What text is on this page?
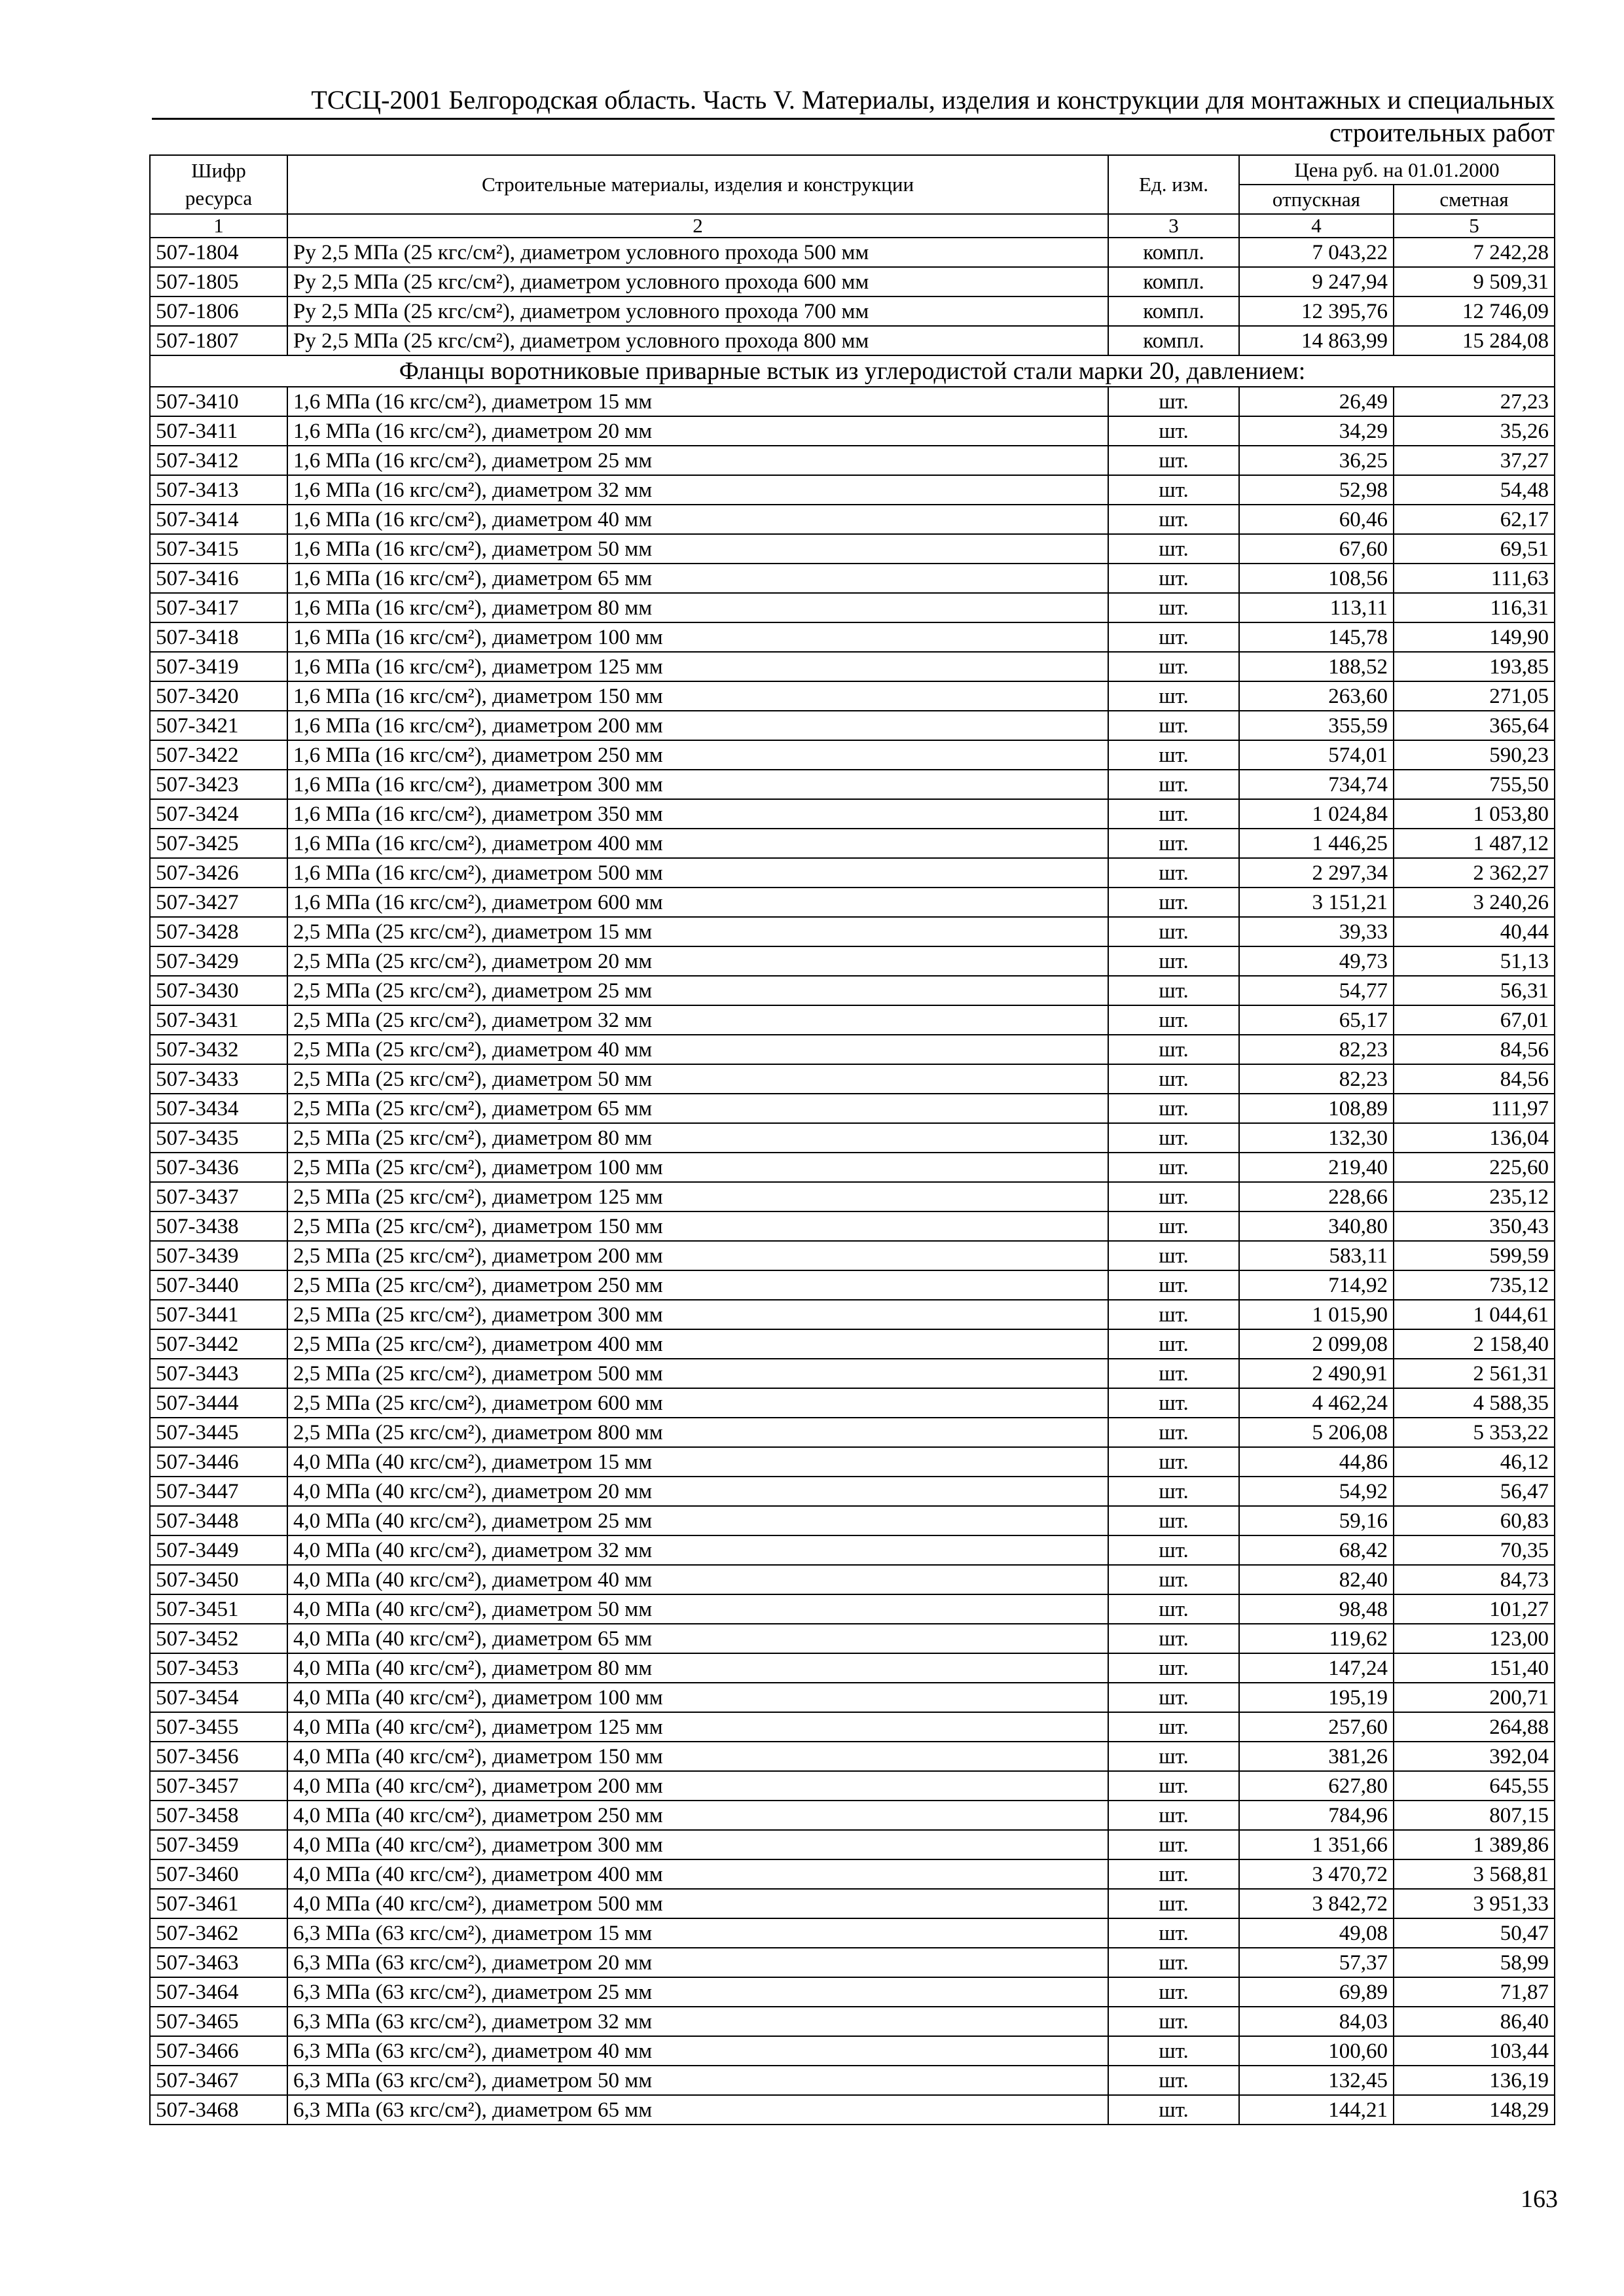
ТССЦ-2001 Белгородская область. Часть V. Материалы, изделия и конструкции для монтажных и специальных
строительных работ
Шифр ресурса	Строительные материалы, изделия и конструкции	Ед. изм.	Цена руб. на 01.01.2000	
			отпускная	сметная
1	2	3	4	5
507-1804	Ру 2,5 МПа (25 кгс/см²), диаметром условного прохода 500 мм	компл.	7 043,22	7 242,28
507-1805	Ру 2,5 МПа (25 кгс/см²), диаметром условного прохода 600 мм	компл.	9 247,94	9 509,31
507-1806	Ру 2,5 МПа (25 кгс/см²), диаметром условного прохода 700 мм	компл.	12 395,76	12 746,09
507-1807	Ру 2,5 МПа (25 кгс/см²), диаметром условного прохода 800 мм	компл.	14 863,99	15 284,08
Фланцы воротниковые приварные встык из углеродистой стали марки 20, давлением:				
507-3410	1,6 МПа (16 кгс/см²), диаметром 15 мм	шт.	26,49	27,23
507-3411	1,6 МПа (16 кгс/см²), диаметром 20 мм	шт.	34,29	35,26
507-3412	1,6 МПа (16 кгс/см²), диаметром 25 мм	шт.	36,25	37,27
507-3413	1,6 МПа (16 кгс/см²), диаметром 32 мм	шт.	52,98	54,48
507-3414	1,6 МПа (16 кгс/см²), диаметром 40 мм	шт.	60,46	62,17
507-3415	1,6 МПа (16 кгс/см²), диаметром 50 мм	шт.	67,60	69,51
507-3416	1,6 МПа (16 кгс/см²), диаметром 65 мм	шт.	108,56	111,63
507-3417	1,6 МПа (16 кгс/см²), диаметром 80 мм	шт.	113,11	116,31
507-3418	1,6 МПа (16 кгс/см²), диаметром 100 мм	шт.	145,78	149,90
507-3419	1,6 МПа (16 кгс/см²), диаметром 125 мм	шт.	188,52	193,85
507-3420	1,6 МПа (16 кгс/см²), диаметром 150 мм	шт.	263,60	271,05
507-3421	1,6 МПа (16 кгс/см²), диаметром 200 мм	шт.	355,59	365,64
507-3422	1,6 МПа (16 кгс/см²), диаметром 250 мм	шт.	574,01	590,23
507-3423	1,6 МПа (16 кгс/см²), диаметром 300 мм	шт.	734,74	755,50
507-3424	1,6 МПа (16 кгс/см²), диаметром 350 мм	шт.	1 024,84	1 053,80
507-3425	1,6 МПа (16 кгс/см²), диаметром 400 мм	шт.	1 446,25	1 487,12
507-3426	1,6 МПа (16 кгс/см²), диаметром 500 мм	шт.	2 297,34	2 362,27
507-3427	1,6 МПа (16 кгс/см²), диаметром 600 мм	шт.	3 151,21	3 240,26
507-3428	2,5 МПа (25 кгс/см²), диаметром 15 мм	шт.	39,33	40,44
507-3429	2,5 МПа (25 кгс/см²), диаметром 20 мм	шт.	49,73	51,13
507-3430	2,5 МПа (25 кгс/см²), диаметром 25 мм	шт.	54,77	56,31
507-3431	2,5 МПа (25 кгс/см²), диаметром 32 мм	шт.	65,17	67,01
507-3432	2,5 МПа (25 кгс/см²), диаметром 40 мм	шт.	82,23	84,56
507-3433	2,5 МПа (25 кгс/см²), диаметром 50 мм	шт.	82,23	84,56
507-3434	2,5 МПа (25 кгс/см²), диаметром 65 мм	шт.	108,89	111,97
507-3435	2,5 МПа (25 кгс/см²), диаметром 80 мм	шт.	132,30	136,04
507-3436	2,5 МПа (25 кгс/см²), диаметром 100 мм	шт.	219,40	225,60
507-3437	2,5 МПа (25 кгс/см²), диаметром 125 мм	шт.	228,66	235,12
507-3438	2,5 МПа (25 кгс/см²), диаметром 150 мм	шт.	340,80	350,43
507-3439	2,5 МПа (25 кгс/см²), диаметром 200 мм	шт.	583,11	599,59
507-3440	2,5 МПа (25 кгс/см²), диаметром 250 мм	шт.	714,92	735,12
507-3441	2,5 МПа (25 кгс/см²), диаметром 300 мм	шт.	1 015,90	1 044,61
507-3442	2,5 МПа (25 кгс/см²), диаметром 400 мм	шт.	2 099,08	2 158,40
507-3443	2,5 МПа (25 кгс/см²), диаметром 500 мм	шт.	2 490,91	2 561,31
507-3444	2,5 МПа (25 кгс/см²), диаметром 600 мм	шт.	4 462,24	4 588,35
507-3445	2,5 МПа (25 кгс/см²), диаметром 800 мм	шт.	5 206,08	5 353,22
507-3446	4,0 МПа (40 кгс/см²), диаметром 15 мм	шт.	44,86	46,12
507-3447	4,0 МПа (40 кгс/см²), диаметром 20 мм	шт.	54,92	56,47
507-3448	4,0 МПа (40 кгс/см²), диаметром 25 мм	шт.	59,16	60,83
507-3449	4,0 МПа (40 кгс/см²), диаметром 32 мм	шт.	68,42	70,35
507-3450	4,0 МПа (40 кгс/см²), диаметром 40 мм	шт.	82,40	84,73
507-3451	4,0 МПа (40 кгс/см²), диаметром 50 мм	шт.	98,48	101,27
507-3452	4,0 МПа (40 кгс/см²), диаметром 65 мм	шт.	119,62	123,00
507-3453	4,0 МПа (40 кгс/см²), диаметром 80 мм	шт.	147,24	151,40
507-3454	4,0 МПа (40 кгс/см²), диаметром 100 мм	шт.	195,19	200,71
507-3455	4,0 МПа (40 кгс/см²), диаметром 125 мм	шт.	257,60	264,88
507-3456	4,0 МПа (40 кгс/см²), диаметром 150 мм	шт.	381,26	392,04
507-3457	4,0 МПа (40 кгс/см²), диаметром 200 мм	шт.	627,80	645,55
507-3458	4,0 МПа (40 кгс/см²), диаметром 250 мм	шт.	784,96	807,15
507-3459	4,0 МПа (40 кгс/см²), диаметром 300 мм	шт.	1 351,66	1 389,86
507-3460	4,0 МПа (40 кгс/см²), диаметром 400 мм	шт.	3 470,72	3 568,81
507-3461	4,0 МПа (40 кгс/см²), диаметром 500 мм	шт.	3 842,72	3 951,33
507-3462	6,3 МПа (63 кгс/см²), диаметром 15 мм	шт.	49,08	50,47
507-3463	6,3 МПа (63 кгс/см²), диаметром 20 мм	шт.	57,37	58,99
507-3464	6,3 МПа (63 кгс/см²), диаметром 25 мм	шт.	69,89	71,87
507-3465	6,3 МПа (63 кгс/см²), диаметром 32 мм	шт.	84,03	86,40
507-3466	6,3 МПа (63 кгс/см²), диаметром 40 мм	шт.	100,60	103,44
507-3467	6,3 МПа (63 кгс/см²), диаметром 50 мм	шт.	132,45	136,19
507-3468	6,3 МПа (63 кгс/см²), диаметром 65 мм	шт.	144,21	148,29
163
